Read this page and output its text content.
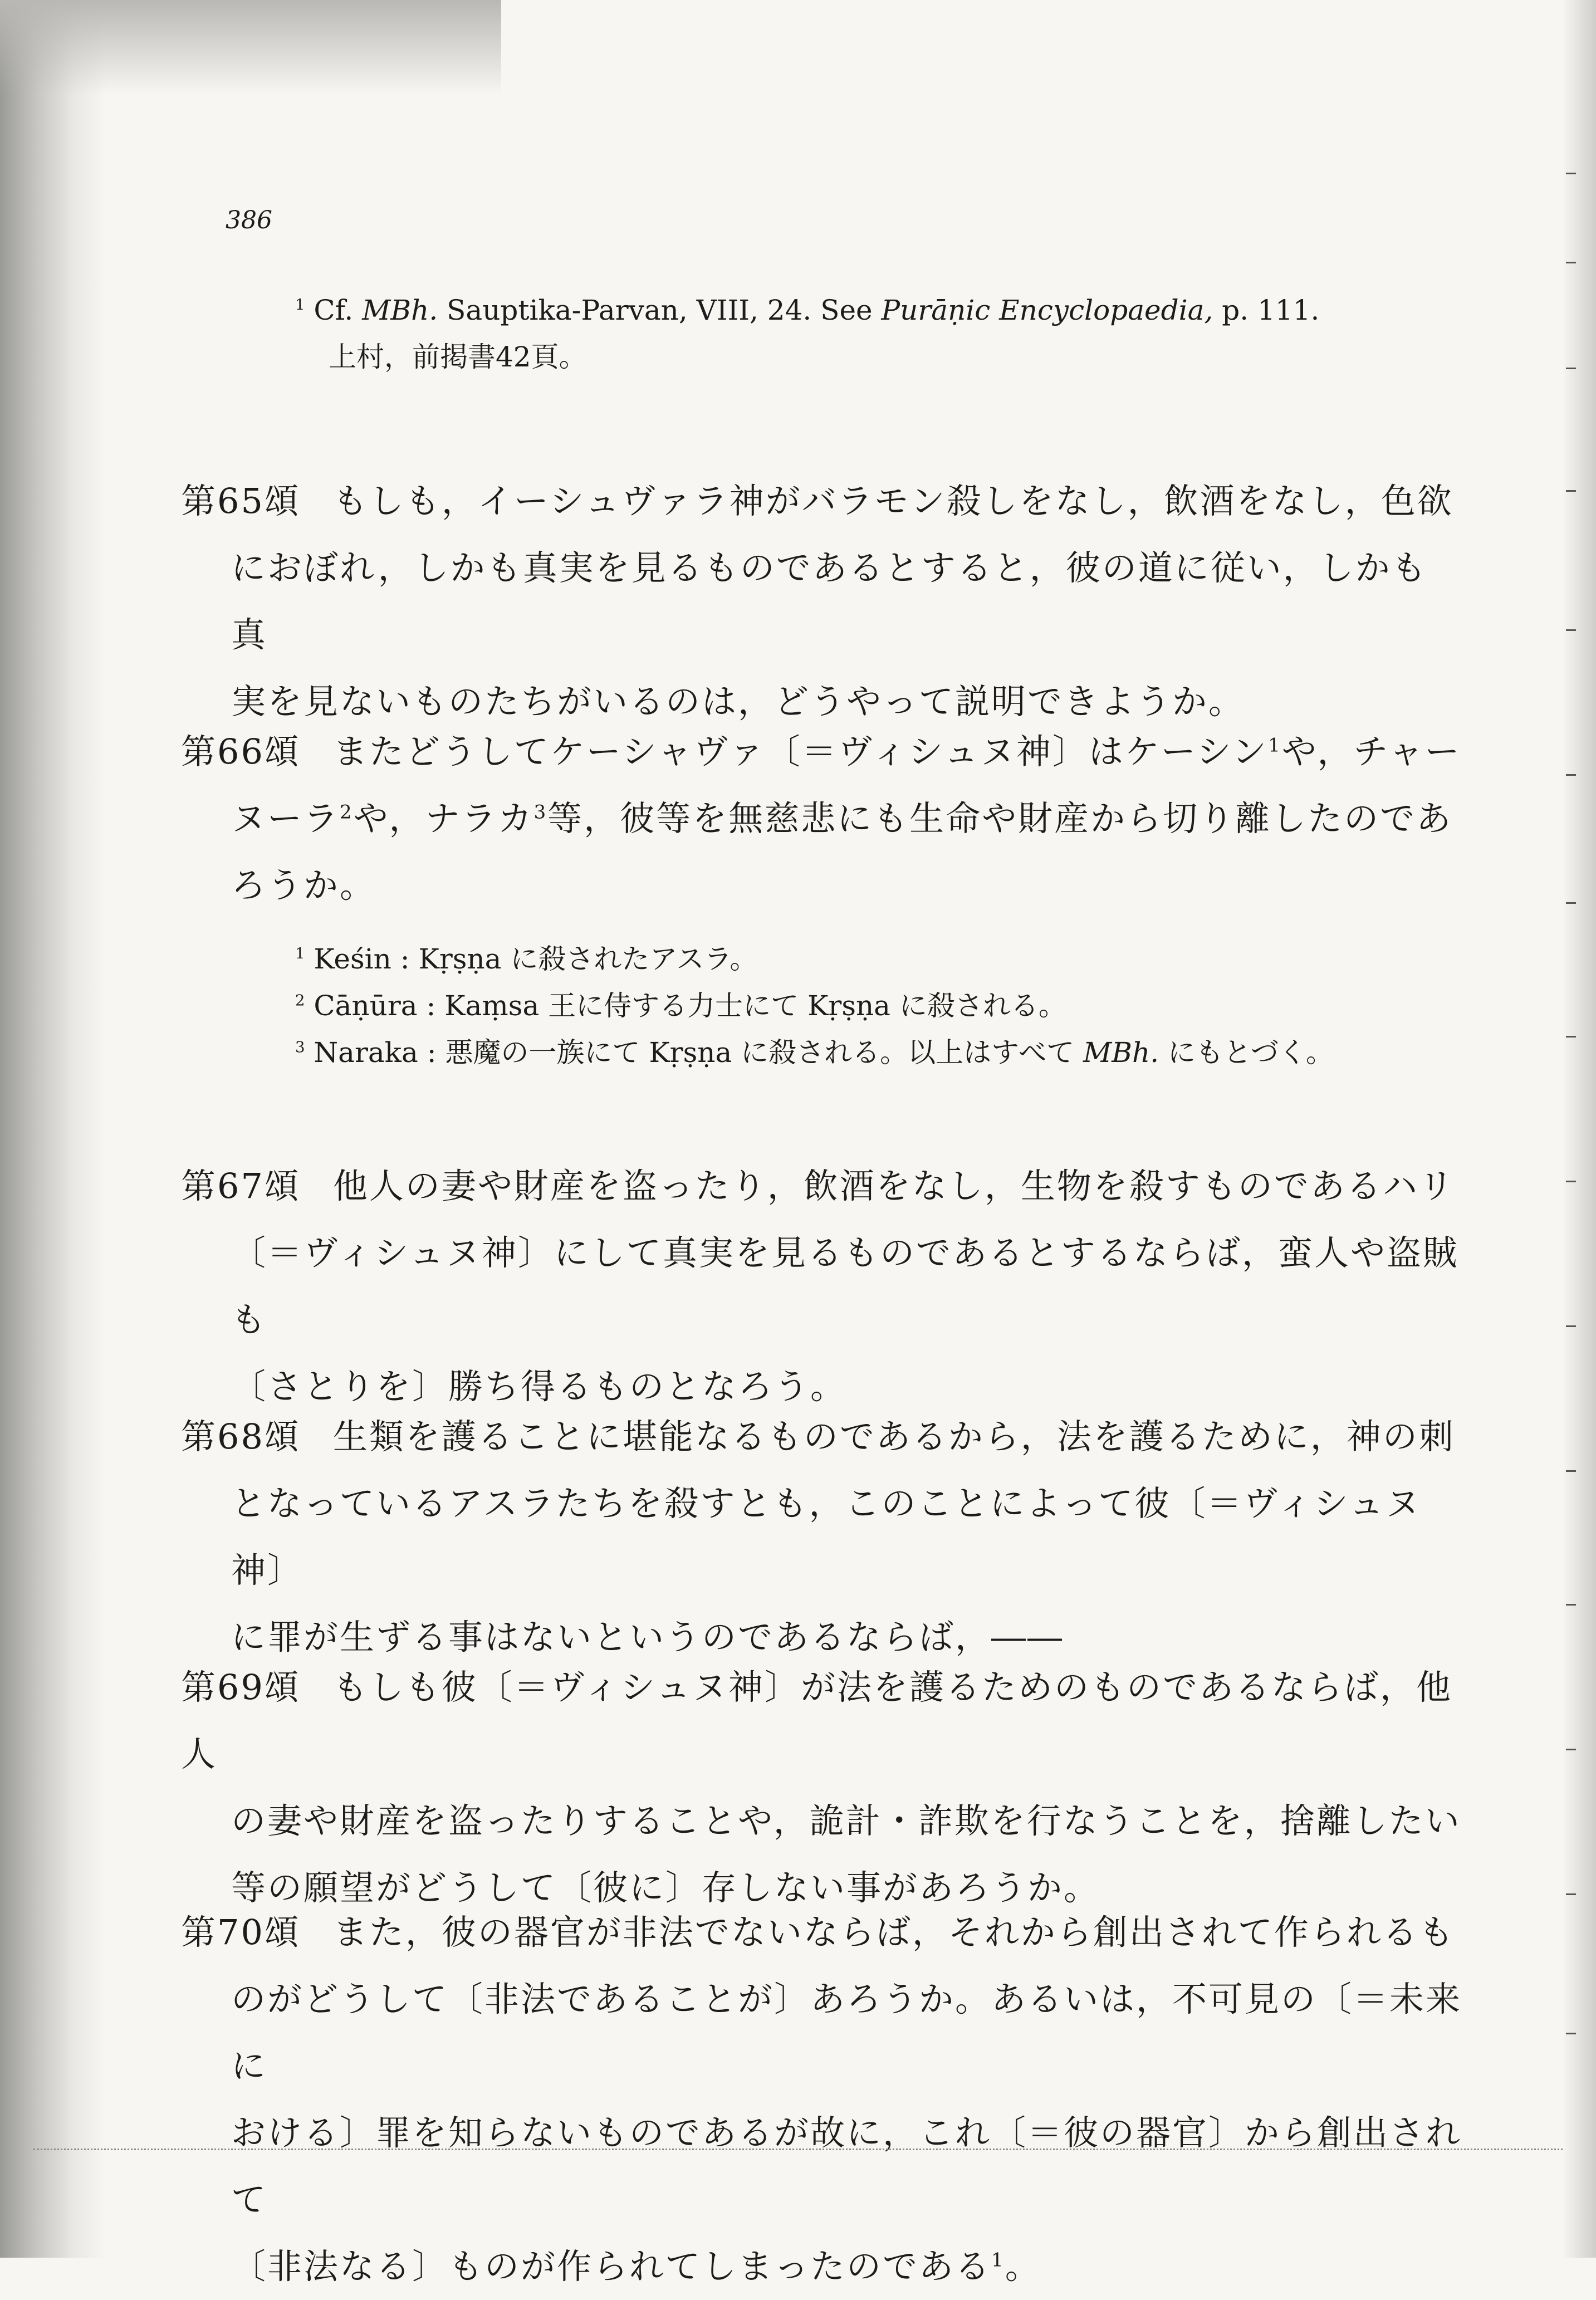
386
$^1$ Cf. MBh. Sauptika-Parvan, VIII, 24. See Purāṇic Encyclopaedia, p. 111.
上村，前掲書42頁。
第65頌 もしも，イーシュヴァラ神がバラモン殺しをなし，飲酒をなし，色欲
におぼれ，しかも真実を見るものであるとすると，彼の道に従い，しかも真
実を見ないものたちがいるのは，どうやって説明できようか。
第66頌 またどうしてケーシャヴァ〔＝ヴィシュヌ神〕はケーシン$^1$や，チャー
ヌーラ$^2$や，ナラカ$^3$等，彼等を無慈悲にも生命や財産から切り離したのであ
ろうか。
$^1$ Keśin : Kṛṣṇa に殺されたアスラ。
$^2$ Cāṇūra : Kaṃsa 王に侍する力士にて Kṛṣṇa に殺される。
$^3$ Naraka : 悪魔の一族にて Kṛṣṇa に殺される。以上はすべて MBh. にもとづく。
第67頌 他人の妻や財産を盗ったり，飲酒をなし，生物を殺すものであるハリ
〔＝ヴィシュヌ神〕にして真実を見るものであるとするならば，蛮人や盗賊も
〔さとりを〕勝ち得るものとなろう。
第68頌 生類を護ることに堪能なるものであるから，法を護るために，神の刺
となっているアスラたちを殺すとも，このことによって彼〔＝ヴィシュヌ神〕
に罪が生ずる事はないというのであるならば，――
第69頌 もしも彼〔＝ヴィシュヌ神〕が法を護るためのものであるならば，他人
の妻や財産を盗ったりすることや，詭計・詐欺を行なうことを，捨離したい
等の願望がどうして〔彼に〕存しない事があろうか。
第70頌 また，彼の器官が非法でないならば，それから創出されて作られるも
のがどうして〔非法であることが〕あろうか。あるいは，不可見の〔＝未来に
おける〕罪を知らないものであるが故に，これ〔＝彼の器官〕から創出されて
〔非法なる〕ものが作られてしまったのである$^1$。
